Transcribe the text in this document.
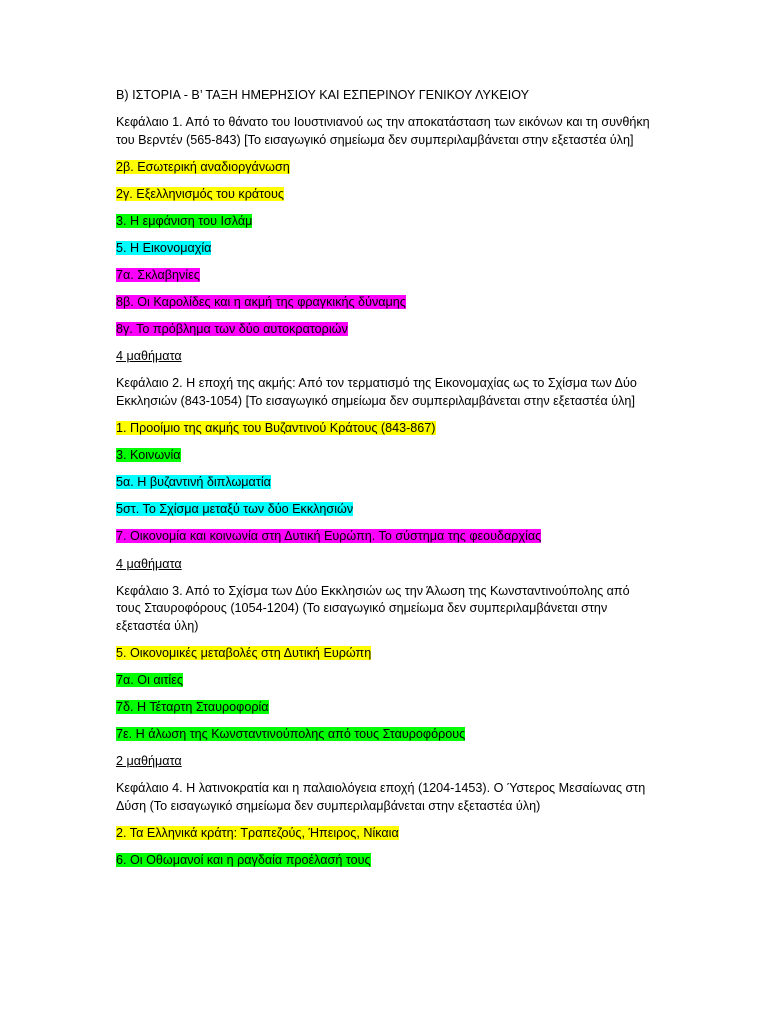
B) ΙΣΤΟΡΙΑ - Β’ ΤΑΞΗ ΗΜΕΡΗΣΙΟΥ ΚΑΙ ΕΣΠΕΡΙΝΟΥ ΓΕΝΙΚΟΥ ΛΥΚΕΙΟΥ

Κεφάλαιο 1. Από το θάνατο του Ιουστινιανού ως την αποκατάσταση των εικόνων και τη συνθήκη του Βερντέν (565-843) [Το εισαγωγικό σημείωμα δεν συμπεριλαμβάνεται στην εξεταστέα ύλη]

2β. Εσωτερική αναδιοργάνωση

2γ. Εξελληνισμός του κράτους

3. Η εμφάνιση του Ισλάμ

5. Η Εικονομαχία

7α. Σκλαβηνίες

8β. Οι Καρολίδες και η ακμή της φραγκικής δύναμης

8γ. Το πρόβλημα των δύο αυτοκρατοριών

4 μαθήματα

Κεφάλαιο 2. Η εποχή της ακμής: Από τον τερματισμό της Εικονομαχίας ως το Σχίσμα των Δύο Εκκλησιών (843-1054) [Το εισαγωγικό σημείωμα δεν συμπεριλαμβάνεται στην εξεταστέα ύλη]

1. Προοίμιο της ακμής του Βυζαντινού Κράτους (843-867)

3. Κοινωνία

5α. Η βυζαντινή διπλωματία

5στ. Το Σχίσμα μεταξύ των δύο Εκκλησιών

7. Οικονομία και κοινωνία στη Δυτική Ευρώπη. Το σύστημα της φεουδαρχίας

4 μαθήματα

Κεφάλαιο 3. Από το Σχίσμα των Δύο Εκκλησιών ως την Άλωση της Κωνσταντινούπολης από τους Σταυροφόρους (1054-1204) (Το εισαγωγικό σημείωμα δεν συμπεριλαμβάνεται στην εξεταστέα ύλη)

5. Οικονομικές μεταβολές στη Δυτική Ευρώπη

7α. Οι αιτίες

7δ. Η Τέταρτη Σταυροφορία

7ε. Η άλωση της Κωνσταντινούπολης από τους Σταυροφόρους

2 μαθήματα

Κεφάλαιο 4. Η λατινοκρατία και η παλαιολόγεια εποχή (1204-1453). Ο Ύστερος Μεσαίωνας στη Δύση (Το εισαγωγικό σημείωμα δεν συμπεριλαμβάνεται στην εξεταστέα ύλη)

2. Τα Ελληνικά κράτη: Τραπεζούς, Ήπειρος, Νίκαια

6. Οι Οθωμανοί και η ραγδαία προέλασή τους
